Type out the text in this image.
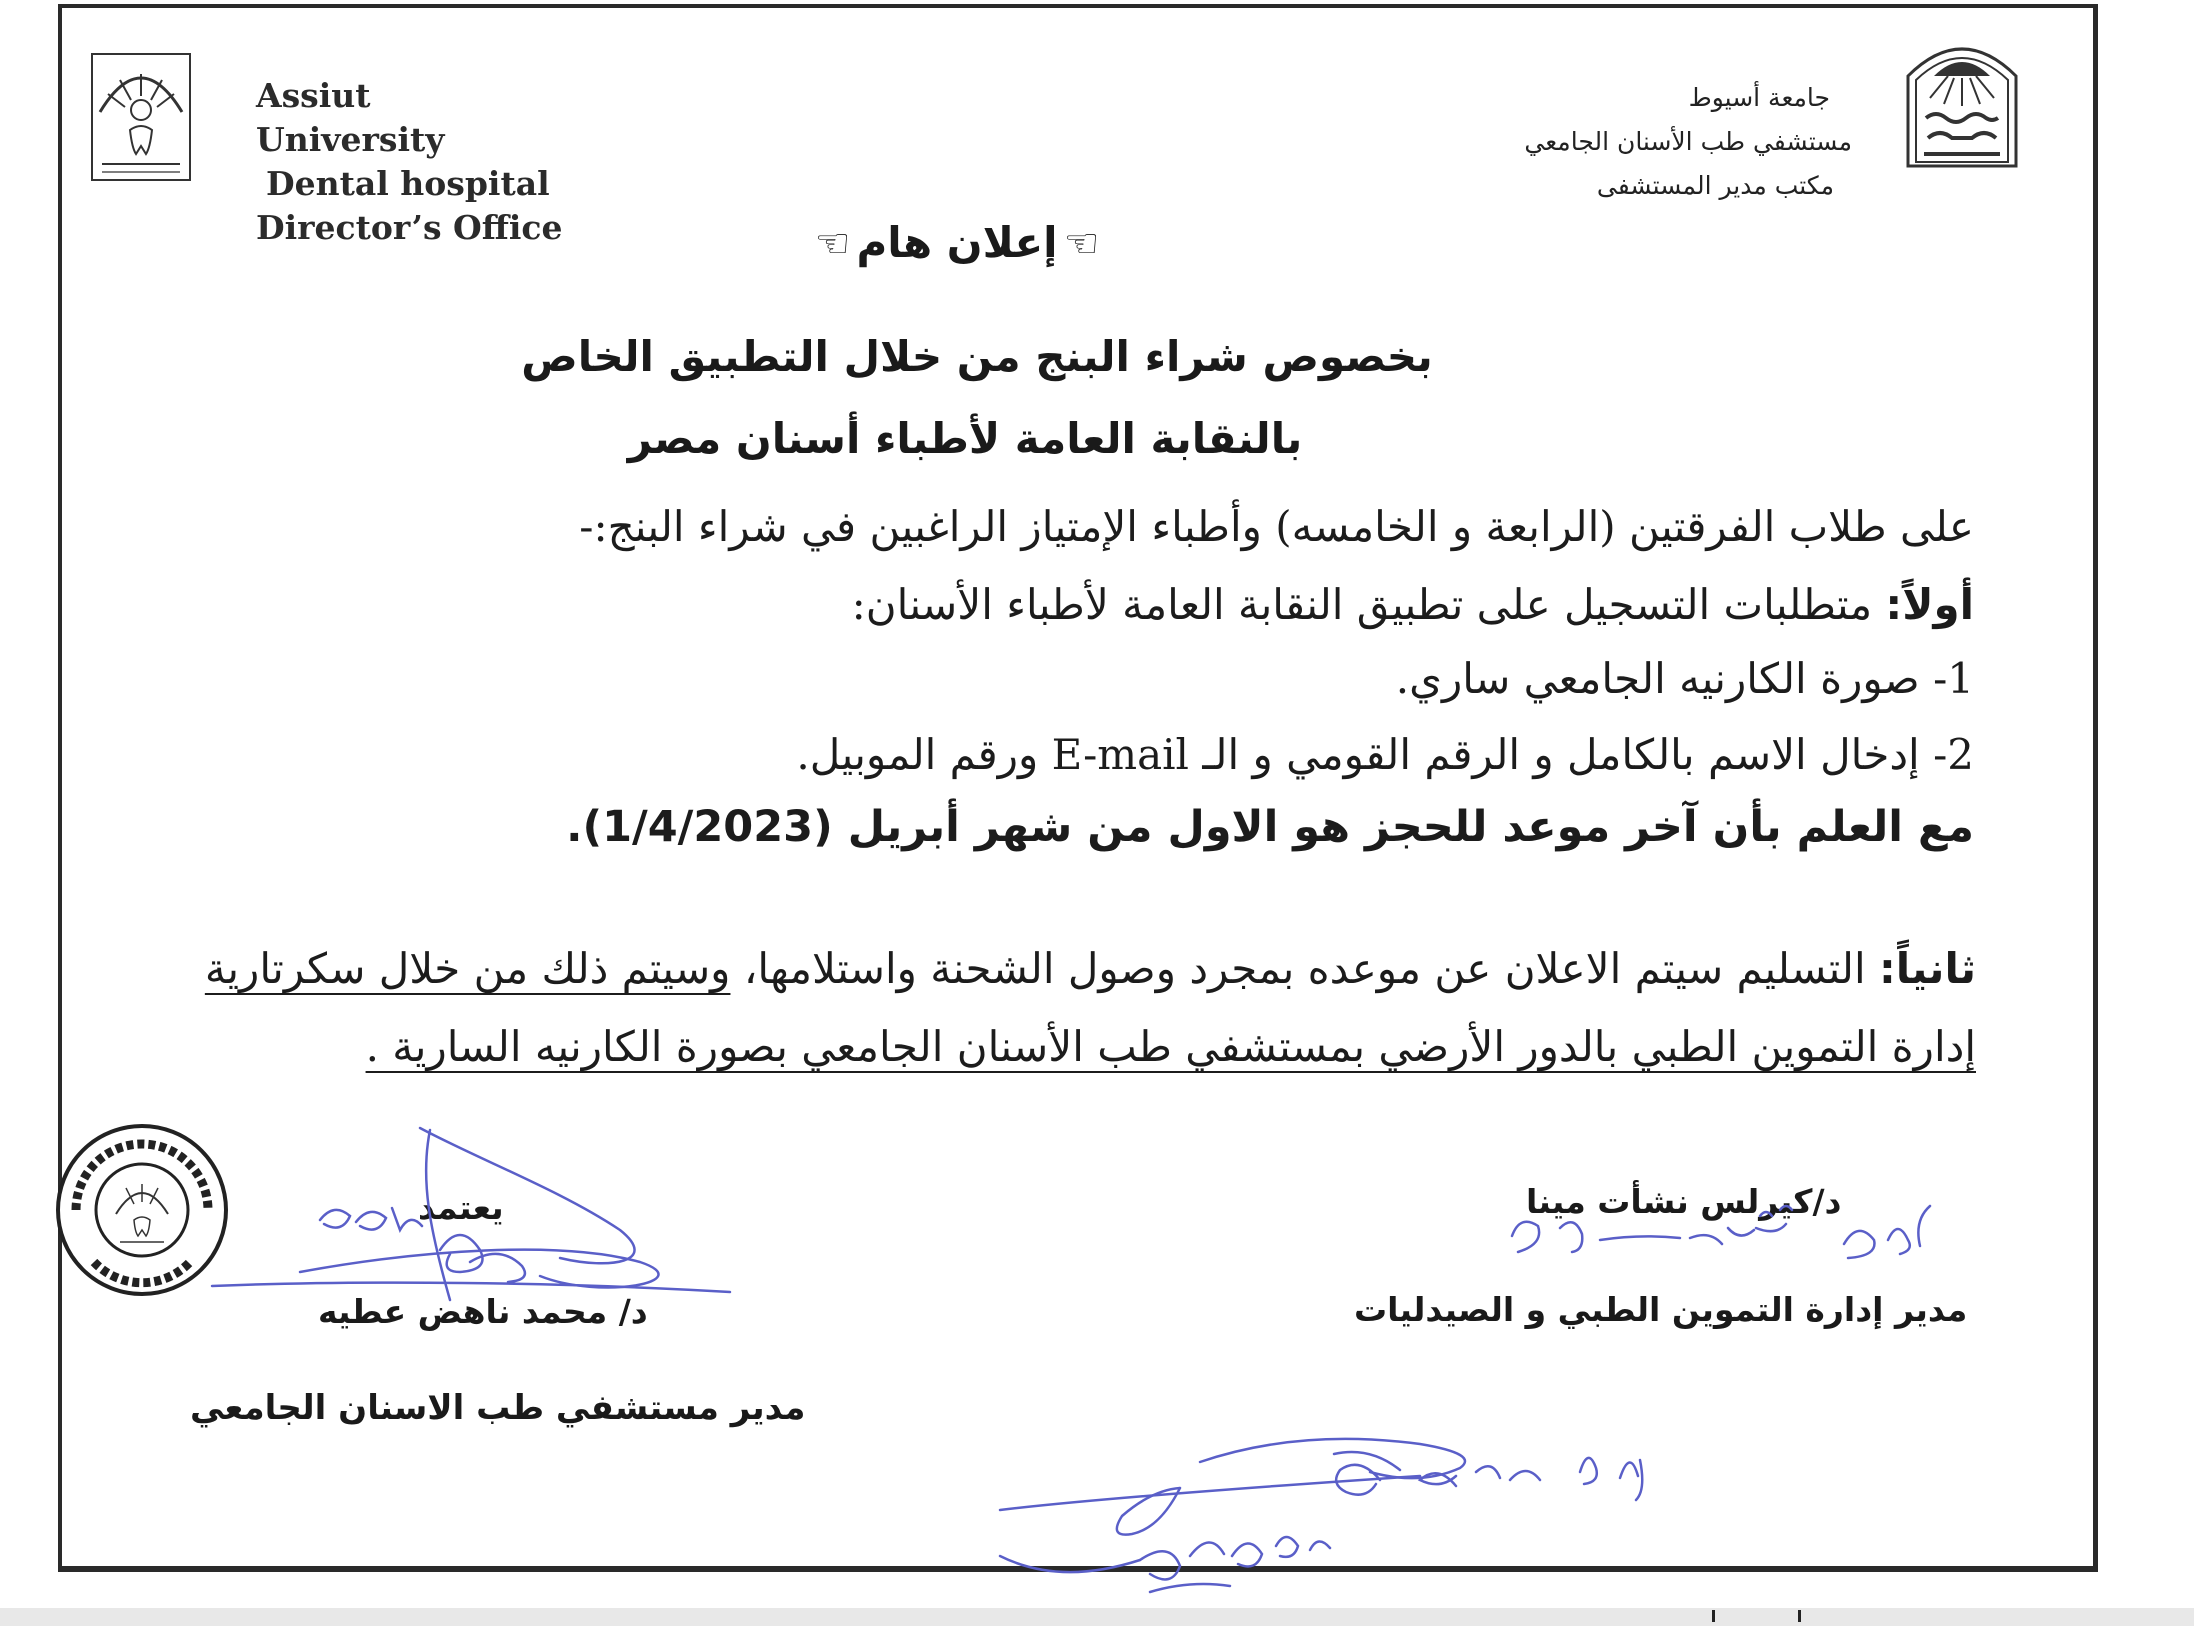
Assiut University
Dental hospital
Director’s Office
جامعة أسيوط
مستشفي طب الأسنان الجامعي
مكتب مدير المستشفى
☜إعلان هام☜
بخصوص شراء البنج من خلال التطبيق الخاص
بالنقابة العامة لأطباء أسنان مصر
على طلاب الفرقتين (الرابعة و الخامسه) وأطباء الإمتياز الراغبين في شراء البنج:-
أولاً: متطلبات التسجيل على تطبيق النقابة العامة لأطباء الأسنان:
1- صورة الكارنيه الجامعي ساري.
2- إدخال الاسم بالكامل و الرقم القومي و الـ E-mail ورقم الموبيل.
مع العلم بأن آخر موعد للحجز هو الاول من شهر أبريل (1/4/2023).
ثانياً: التسليم سيتم الاعلان عن موعده بمجرد وصول الشحنة واستلامها، وسيتم ذلك من خلال سكرتارية
إدارة التموين الطبي بالدور الأرضي بمستشفي طب الأسنان الجامعي بصورة الكارنيه السارية .
د/كيرلس نشأت مينا
مدير إدارة التموين الطبي و الصيدليات
يعتمد
د/ محمد ناهض عطيه
مدير مستشفي طب الاسنان الجامعي
